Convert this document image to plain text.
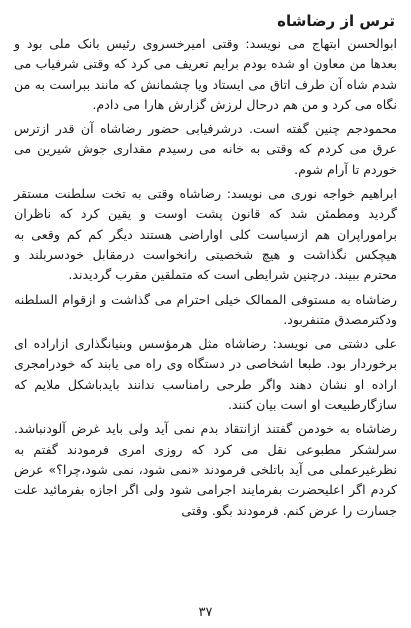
ترس از رضاشاه

ابوالحسن ابتهاج می نویسد: وقتی امیرخسروی رئیس بانک ملی بود و بعدها من معاون او شده بودم برایم تعریف می کرد که وقتی شرفیاب می شدم شاه آن طرف اتاق می ایستاد ویا چشمانش که مانند ببراست به من نگاه می کرد و من هم درحال لرزش گزارش هارا می دادم.

محمودجم چنین گفته است. درشرفیابی حضور رضاشاه آن قدر ازترس عرق می کردم که وقتی به خانه می رسیدم مقداری جوش شیرین می خوردم تا آرام شوم.

ابراهیم خواجه نوری می نویسد: رضاشاه وقتی به تخت سلطنت مستقر گردید ومطمئن شد که قانون پشت اوست و یقین کرد که ناظران براموراپران هم ازسیاست کلی اواراضی هستند دیگر کم کم وقعی به هیچکس نگذاشت و هیچ شخصیتی رانخواست درمقابل خودسربلند و محترم ببیند. درچنین شرایطی است که متملقین مقرب گردیدند.

رضاشاه به مستوفی الممالک خیلی احترام می گذاشت و ازقوام السلطنه ودکترمصدق متنفربود.

علی دشتی می نویسد: رضاشاه مثل هرمؤسس وبنیانگذاری ازاراده ای برخوردار بود. طبعا اشخاصی در دستگاه وی راه می یابند که خودرامجری اراده او نشان دهند واگر طرحی رامناسب ندانند بایدباشکل ملایم که سازگارطبیعت او است بیان کنند.

رضاشاه به خودمن گفتند ازانتقاد بدم نمی آید ولی باید غرض آلودنباشد. سرلشکر مطبوعی نقل می کرد که روزی امری فرمودند گفتم به نظرغیرعملی می آید باتلخی فرمودند «نمی شود، نمی شود،چرا؟» عرض کردم اگر اعلیحضرت بفرمایند اجرامی شود ولی اگر اجازه بفرمائید علت جسارت را عرض کنم. فرمودند بگو. وقتی

۳۷
